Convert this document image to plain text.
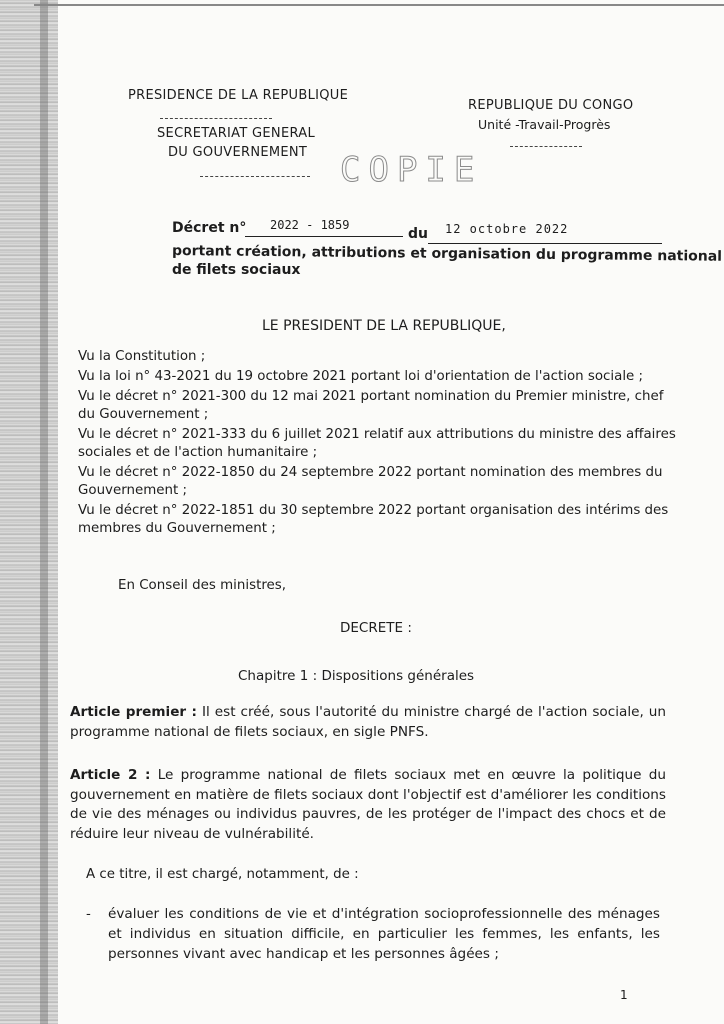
PRESIDENCE DE LA REPUBLIQUE
SECRETARIAT GENERAL
DU GOUVERNEMENT
REPUBLIQUE DU CONGO
Unité -Travail-Progrès
COPIE
Décret n° 2022 - 1859
du 12 octobre 2022
portant création, attributions et organisation du programme national
de filets sociaux
LE PRESIDENT DE LA REPUBLIQUE,
Vu la Constitution ;
Vu la loi n° 43-2021 du 19 octobre 2021 portant loi d'orientation de l'action sociale ;
Vu le décret n° 2021-300 du 12 mai 2021 portant nomination du Premier ministre, chef du Gouvernement ;
Vu le décret n° 2021-333 du 6 juillet 2021 relatif aux attributions du ministre des affaires sociales et de l'action humanitaire ;
Vu le décret n° 2022-1850 du 24 septembre 2022 portant nomination des membres du Gouvernement ;
Vu le décret n° 2022-1851 du 30 septembre 2022 portant organisation des intérims des membres du Gouvernement ;
En Conseil des ministres,
DECRETE :
Chapitre 1 : Dispositions générales
Article premier : Il est créé, sous l'autorité du ministre chargé de l'action sociale, un programme national de filets sociaux, en sigle PNFS.
Article 2 : Le programme national de filets sociaux met en œuvre la politique du gouvernement en matière de filets sociaux dont l'objectif est d'améliorer les conditions de vie des ménages ou individus pauvres, de les protéger de l'impact des chocs et de réduire leur niveau de vulnérabilité.
A ce titre, il est chargé, notamment, de :
- évaluer les conditions de vie et d'intégration socioprofessionnelle des ménages et individus en situation difficile, en particulier les femmes, les enfants, les personnes vivant avec handicap et les personnes âgées ;
1
